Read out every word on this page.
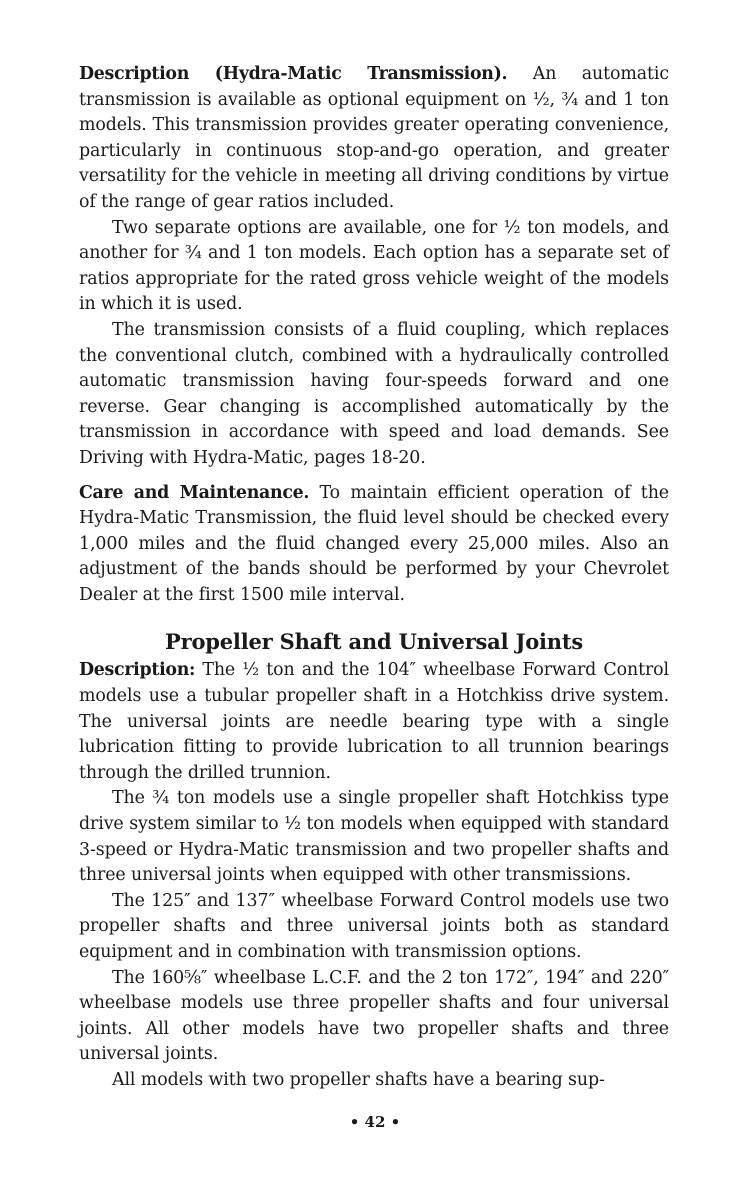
Description (Hydra-Matic Transmission). An automatic transmission is available as optional equipment on ½, ¾ and 1 ton models. This transmission provides greater operating convenience, particularly in continuous stop-and-go operation, and greater versatility for the vehicle in meeting all driving conditions by virtue of the range of gear ratios included.

Two separate options are available, one for ½ ton models, and another for ¾ and 1 ton models. Each option has a separate set of ratios appropriate for the rated gross vehicle weight of the models in which it is used.

The transmission consists of a fluid coupling, which replaces the conventional clutch, combined with a hydraulically controlled automatic transmission having four-speeds forward and one reverse. Gear changing is accomplished automatically by the transmission in accordance with speed and load demands. See Driving with Hydra-Matic, pages 18-20.

Care and Maintenance. To maintain efficient operation of the Hydra-Matic Transmission, the fluid level should be checked every 1,000 miles and the fluid changed every 25,000 miles. Also an adjustment of the bands should be performed by your Chevrolet Dealer at the first 1500 mile interval.

Propeller Shaft and Universal Joints

Description: The ½ ton and the 104″ wheelbase Forward Control models use a tubular propeller shaft in a Hotchkiss drive system. The universal joints are needle bearing type with a single lubrication fitting to provide lubrication to all trunnion bearings through the drilled trunnion.

The ¾ ton models use a single propeller shaft Hotchkiss type drive system similar to ½ ton models when equipped with standard 3-speed or Hydra-Matic transmission and two propeller shafts and three universal joints when equipped with other transmissions.

The 125″ and 137″ wheelbase Forward Control models use two propeller shafts and three universal joints both as standard equipment and in combination with transmission options.

The 160⅝″ wheelbase L.C.F. and the 2 ton 172″, 194″ and 220″ wheelbase models use three propeller shafts and four universal joints. All other models have two propeller shafts and three universal joints.

All models with two propeller shafts have a bearing sup-

• 42 •
